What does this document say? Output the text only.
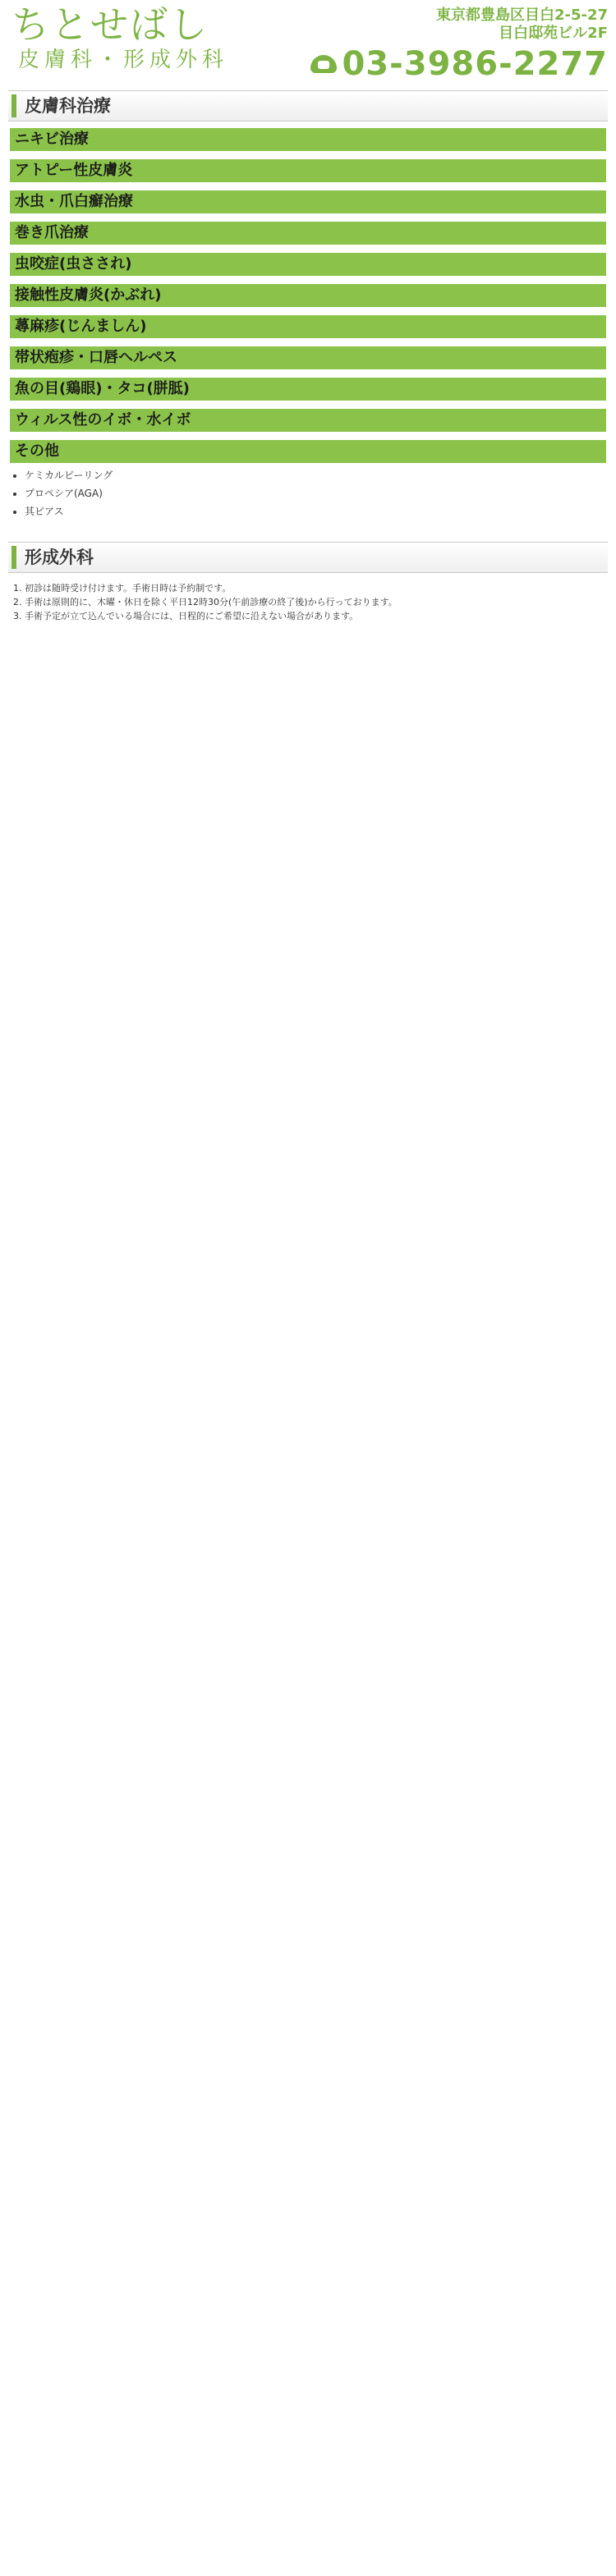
ちとせばし
皮膚科・形成外科
東京都豊島区目白2-5-27
目白邸苑ビル2F
03-3986-2277
皮膚科治療
ニキビ治療

アトピー性皮膚炎

水虫・爪白癬治療

巻き爪治療

虫咬症(虫さされ)

接触性皮膚炎(かぶれ)

蕁麻疹(じんましん)

帯状疱疹・口唇ヘルペス

魚の目(鶏眼)・タコ(胼胝)

ウィルス性のイボ・水イボ

その他
• ケミカルピーリング
• プロペシア(AGA)
• 其ピアス

形成外科

1. 初診は随時受け付けます。手術日時は予約制です。
2. 手術は原則的に、木曜・休日を除く平日12時30分(午前診療の終了後)から行っております。
3. 手術予定が立て込んでいる場合には、日程的にご希望に沿えない場合があります。
